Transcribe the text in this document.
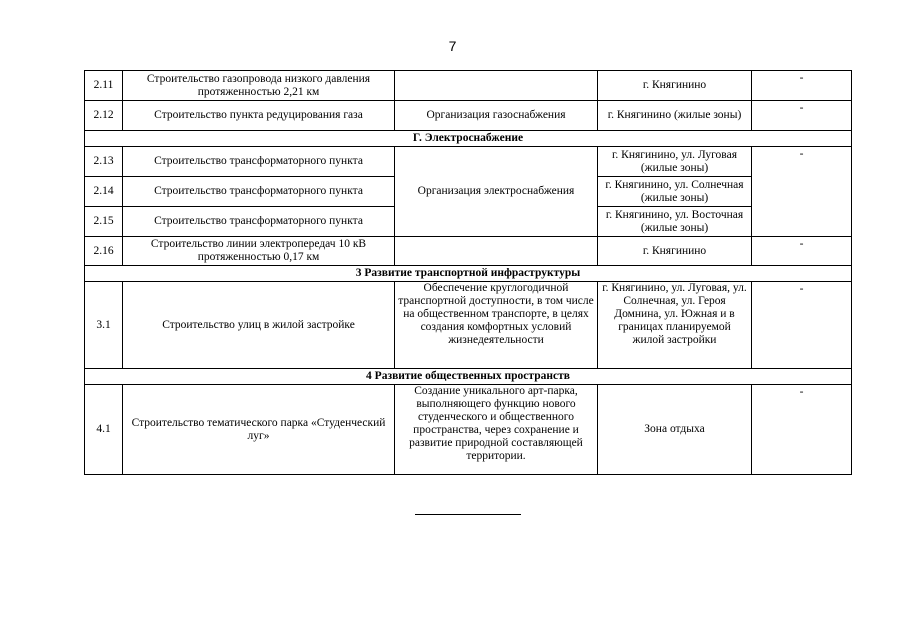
7
2.11	Строительство газопровода низкого давления протяженностью 2,21 км		г. Княгинино	-
2.12	Строительство пункта редуцирования газа	Организация газоснабжения	г. Княгинино (жилые зоны)	-
Г. Электроснабжение				
2.13	Строительство трансформаторного пункта	Организация электроснабжения	г. Княгинино, ул. Луговая (жилые зоны)	-
2.14	Строительство трансформаторного пункта		г. Княгинино, ул. Солнечная (жилые зоны)	
2.15	Строительство трансформаторного пункта		г. Княгинино, ул. Восточная (жилые зоны)	
2.16	Строительство линии электропередач 10 кВ протяженностью 0,17 км		г. Княгинино	-
3 Развитие транспортной инфраструктуры				
3.1	Строительство улиц в жилой застройке	Обеспечение круглогодичной транспортной доступности, в том числе на общественном транспорте, в целях создания комфортных условий жизнедеятельности	г. Княгинино, ул. Луговая, ул. Солнечная, ул. Героя Домнина, ул. Южная и в границах планируемой жилой застройки	-
4 Развитие общественных пространств				
4.1	Строительство тематического парка «Студенческий луг»	Создание уникального арт-парка, выполняющего функцию нового студенческого и общественного пространства, через сохранение и развитие природной составляющей территории.	Зона отдыха	-
